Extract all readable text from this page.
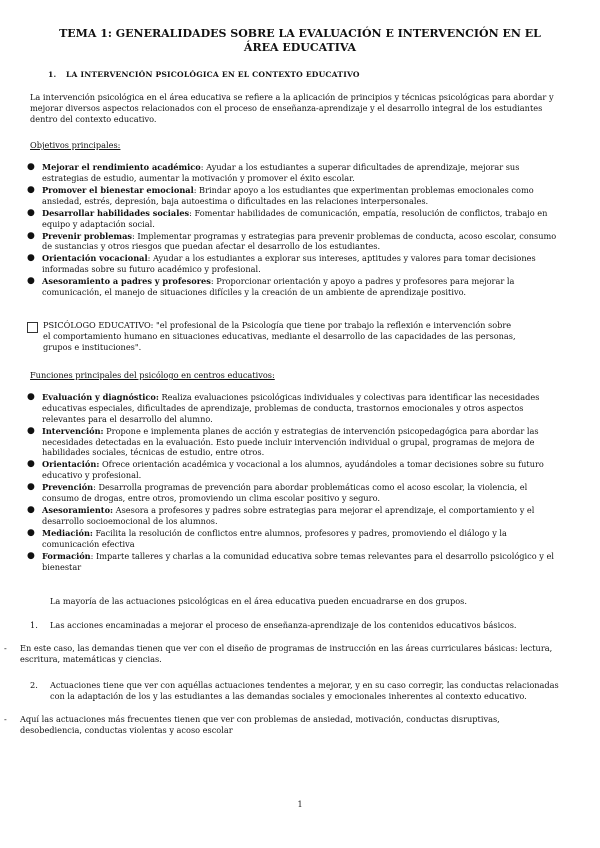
TEMA 1: GENERALIDADES SOBRE LA EVALUACIÓN E INTERVENCIÓN EN EL ÁREA EDUCATIVA
1. LA INTERVENCIÓN PSICOLÓGICA EN EL CONTEXTO EDUCATIVO
La intervención psicológica en el área educativa se refiere a la aplicación de principios y técnicas psicológicas para abordar y mejorar diversos aspectos relacionados con el proceso de enseñanza-aprendizaje y el desarrollo integral de los estudiantes dentro del contexto educativo.
Objetivos principales:
● Mejorar el rendimiento académico: Ayudar a los estudiantes a superar dificultades de aprendizaje, mejorar sus estrategias de estudio, aumentar la motivación y promover el éxito escolar.
● Promover el bienestar emocional: Brindar apoyo a los estudiantes que experimentan problemas emocionales como ansiedad, estrés, depresión, baja autoestima o dificultades en las relaciones interpersonales.
● Desarrollar habilidades sociales: Fomentar habilidades de comunicación, empatía, resolución de conflictos, trabajo en equipo y adaptación social.
● Prevenir problemas: Implementar programas y estrategias para prevenir problemas de conducta, acoso escolar, consumo de sustancias y otros riesgos que puedan afectar el desarrollo de los estudiantes.
● Orientación vocacional: Ayudar a los estudiantes a explorar sus intereses, aptitudes y valores para tomar decisiones informadas sobre su futuro académico y profesional.
● Asesoramiento a padres y profesores: Proporcionar orientación y apoyo a padres y profesores para mejorar la comunicación, el manejo de situaciones difíciles y la creación de un ambiente de aprendizaje positivo.
PSICÓLOGO EDUCATIVO: "el profesional de la Psicología que tiene por trabajo la reflexión e intervención sobre el comportamiento humano en situaciones educativas, mediante el desarrollo de las capacidades de las personas, grupos e instituciones".
Funciones principales del psicólogo en centros educativos:
● Evaluación y diagnóstico: Realiza evaluaciones psicológicas individuales y colectivas para identificar las necesidades educativas especiales, dificultades de aprendizaje, problemas de conducta, trastornos emocionales y otros aspectos relevantes para el desarrollo del alumno.
● Intervención: Propone e implementa planes de acción y estrategias de intervención psicopedagógica para abordar las necesidades detectadas en la evaluación. Esto puede incluir intervención individual o grupal, programas de mejora de habilidades sociales, técnicas de estudio, entre otros.
● Orientación: Ofrece orientación académica y vocacional a los alumnos, ayudándoles a tomar decisiones sobre su futuro educativo y profesional.
● Prevención: Desarrolla programas de prevención para abordar problemáticas como el acoso escolar, la violencia, el consumo de drogas, entre otros, promoviendo un clima escolar positivo y seguro.
● Asesoramiento: Asesora a profesores y padres sobre estrategias para mejorar el aprendizaje, el comportamiento y el desarrollo socioemocional de los alumnos.
● Mediación: Facilita la resolución de conflictos entre alumnos, profesores y padres, promoviendo el diálogo y la comunicación efectiva
● Formación: Imparte talleres y charlas a la comunidad educativa sobre temas relevantes para el desarrollo psicológico y el bienestar
La mayoría de las actuaciones psicológicas en el área educativa pueden encuadrarse en dos grupos.
1. Las acciones encaminadas a mejorar el proceso de enseñanza-aprendizaje de los contenidos educativos básicos.
- En este caso, las demandas tienen que ver con el diseño de programas de instrucción en las áreas curriculares básicas: lectura, escritura, matemáticas y ciencias.
2. Actuaciones tiene que ver con aquéllas actuaciones tendentes a mejorar, y en su caso corregir, las conductas relacionadas con la adaptación de los y las estudiantes a las demandas sociales y emocionales inherentes al contexto educativo.
- Aquí las actuaciones más frecuentes tienen que ver con problemas de ansiedad, motivación, conductas disruptivas, desobediencia, conductas violentas y acoso escolar
1
